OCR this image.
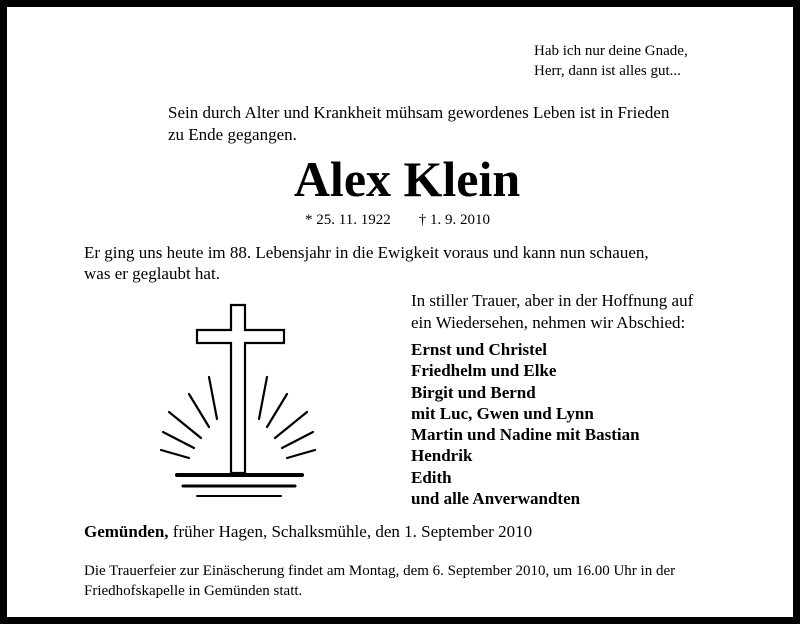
Hab ich nur deine Gnade,
Herr, dann ist alles gut...
Sein durch Alter und Krankheit mühsam gewordenes Leben ist in Frieden
zu Ende gegangen.
Alex Klein
* 25. 11. 1922 † 1. 9. 2010
Er ging uns heute im 88. Lebensjahr in die Ewigkeit voraus und kann nun schauen,
was er geglaubt hat.
In stiller Trauer, aber in der Hoffnung auf
ein Wiedersehen, nehmen wir Abschied:
Ernst und Christel
Friedhelm und Elke
Birgit und Bernd
mit Luc, Gwen und Lynn
Martin und Nadine mit Bastian
Hendrik
Edith
und alle Anverwandten
Gemünden, früher Hagen, Schalksmühle, den 1. September 2010
Die Trauerfeier zur Einäscherung findet am Montag, dem 6. September 2010, um 16.00 Uhr in der
Friedhofskapelle in Gemünden statt.
